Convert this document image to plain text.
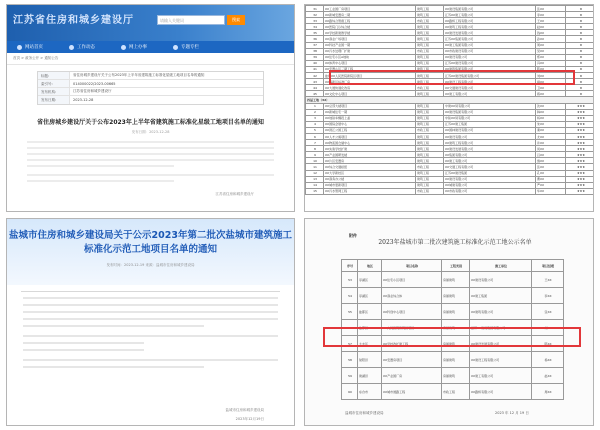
江苏省住房和城乡建设厅	请输入关键词	搜索
网站首页	工作动态	网上办事	专题专栏
首页 > 政务公开 > 通知公告
标题:	省住房城乡建设厅关于公布2023年上半年省建筑施工标准化星级工地项目名单的通知
索引号:	014000022/2023-00665
发布机构:	江苏省住房和城乡建设厅
发布日期:	2023-12-28
省住房城乡建设厅关于公布2023年上半年省建筑施工标准化星级工地项目名单的通知
发布日期：2023-12-28
江苏省住房和城乡建设厅
31	XX工业园厂房项目	建筑工程	XX建设集团有限公司	张XX	★
32	XX新城安置房二期	建筑工程	江苏XX建工有限公司	李XX	★
33	XX路综合管廊工程	市政工程	XX路桥工程有限公司	王XX	★
34	XX医院门诊综合楼	建筑工程	XX建筑工程有限公司	赵XX	★
35	XX学校新建教学楼	建筑工程	XX建设发展有限公司	钱XX	★
36	XX商业广场项目	建筑工程	江苏XX集团有限公司	孙XX	★
37	XX科技产业园一期	建筑工程	XX建工集团有限公司	周XX	★
38	XX污水处理厂扩建	市政工程	XX市政建设有限公司	吴XX	★
39	XX住宅小区A地块	建筑工程	XX建设有限公司	郑XX	★
40	XX体育中心项目	建筑工程	江苏XX建设有限公司	冯XX	★
41	XX安置小区三期工程	建筑工程	XX建筑集团有限公司	陈XX	★
42	盐城XX人民医院新院区项目	建筑工程	江苏XX建设集团有限公司	刘XX	★
43	XX高新区标准厂房	建筑工程	XX建设工程有限公司	褚XX	★
44	XX大道快速化改造	市政工程	XX交通建设有限公司	卫XX	★
45	XX文化中心项目	建筑工程	XX建工有限公司	蒋XX	★
四星工地（32）					
1	XX总部大楼项目	建筑工程	中建XX局有限公司	沈XX	★★★
2	XX新城住宅一期	建筑工程	XX建设集团有限公司	韩XX	★★★
3	XX地铁车辆段上盖	建筑工程	中铁XX局有限公司	杨XX	★★★
4	XX国际会展中心	建筑工程	江苏XX建工集团	朱XX	★★★
5	XX滨江公园工程	市政工程	XX园林建设有限公司	秦XX	★★★
6	XX人才公寓项目	建筑工程	XX建设有限公司	尤XX	★★★
7	XX物流园仓储中心	建筑工程	XX建筑工程有限公司	许XX	★★★
8	XX实验学校扩建	建筑工程	XX建设发展有限公司	何XX	★★★
9	XX产业园研发楼	建筑工程	XX集团有限公司	吕XX	★★★
10	XX片区安置房	建筑工程	XX建工有限公司	施XX	★★★
11	XX综合交通枢纽	市政工程	XX交通工程有限公司	张XX	★★★
12	XX大学新校区	建筑工程	江苏XX建设集团	孔XX	★★★
13	XX商务办公楼	建筑工程	XX建设有限公司	曹XX	★★★
14	XX城市更新项目	建筑工程	XX城建有限公司	严XX	★★★
15	XX污水管网工程	市政工程	XX市政有限公司	华XX	★★★
盐城市住房和城乡建设局关于公示2023年第二批次盐城市建筑施工标准化示范工地项目名单的通知
发布时间：2023-12-19 来源：盐城市住房和城乡建设局
盐城市住房和城乡建设局
2023年12月19日
附件
2023年盐城市第二批次建筑施工标准化示范工地公示名单
序号	地区	项目名称	工程类别	施工单位	项目经理
53	亭湖区	XX住宅小区项目	房屋建筑	XX建设有限公司	王XX
54	亭湖区	XX商业综合体	房屋建筑	XX建工集团	李XX
55	盐都区	XX科创中心项目	房屋建筑	XX建筑有限公司	张XX
56	盐都区	XX人民医院新院区项目	房屋建筑	江苏XX建设集团有限公司	刘XX
57	大丰区	XX学校改扩建工程	房屋建筑	XX建设发展有限公司	陈XX
58	射阳县	XX安置房项目	房屋建筑	XX建设工程有限公司	杨XX
59	建湖县	XX产业园厂房	房屋建筑	XX建工有限公司	赵XX
60	东台市	XX城市道路工程	市政工程	XX路桥有限公司	周XX
盐城市住房和城乡建设局	2023 年 12 月 19 日
